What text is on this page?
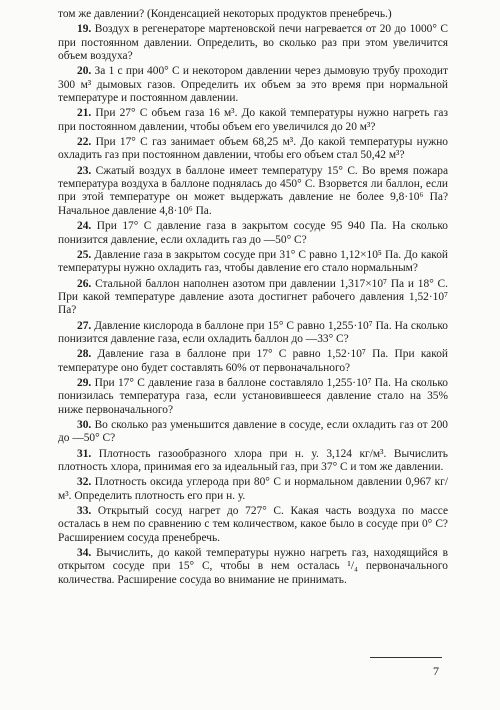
том же давлении? (Конденсацией некоторых продуктов пренебречь.)

19. Воздух в регенераторе мартеновской печи нагревается от 20 до 1000° С при постоянном давлении. Определить, во сколько раз при этом увеличится объем воздуха?

20. За 1 с при 400° С и некотором давлении через дымовую трубу проходит 300 м³ дымовых газов. Определить их объем за это время при нормальной температуре и постоянном давлении.

21. При 27° С объем газа 16 м³. До какой температуры нужно нагреть газ при постоянном давлении, чтобы объем его увеличился до 20 м³?

22. При 17° С газ занимает объем 68,25 м³. До какой температуры нужно охладить газ при постоянном давлении, чтобы его объем стал 50,42 м³?

23. Сжатый воздух в баллоне имеет температуру 15° С. Во время пожара температура воздуха в баллоне поднялась до 450° С. Взорвется ли баллон, если при этой температуре он может выдержать давление не более 9,8·10⁶ Па? Начальное давление 4,8·10⁶ Па.

24. При 17° С давление газа в закрытом сосуде 95 940 Па. На сколько понизится давление, если охладить газ до —50° С?

25. Давление газа в закрытом сосуде при 31° С равно 1,12×10⁵ Па. До какой температуры нужно охладить газ, чтобы давление его стало нормальным?

26. Стальной баллон наполнен азотом при давлении 1,317×10⁷ Па и 18° С. При какой температуре давление азота достигнет рабочего давления 1,52·10⁷ Па?

27. Давление кислорода в баллоне при 15° С равно 1,255·10⁷ Па. На сколько понизится давление газа, если охладить баллон до —33° С?

28. Давление газа в баллоне при 17° С равно 1,52·10⁷ Па. При какой температуре оно будет составлять 60% от первоначального?

29. При 17° С давление газа в баллоне составляло 1,255·10⁷ Па. На сколько понизилась температура газа, если установившееся давление стало на 35% ниже первоначального?

30. Во сколько раз уменьшится давление в сосуде, если охладить газ от 200 до —50° С?

31. Плотность газообразного хлора при н. у. 3,124 кг/м³. Вычислить плотность хлора, принимая его за идеальный газ, при 37° С и том же давлении.

32. Плотность оксида углерода при 80° С и нормальном давлении 0,967 кг/м³. Определить плотность его при н. у.

33. Открытый сосуд нагрет до 727° С. Какая часть воздуха по массе осталась в нем по сравнению с тем количеством, какое было в сосуде при 0° С? Расширением сосуда пренебречь.

34. Вычислить, до какой температуры нужно нагреть газ, находящийся в открытом сосуде при 15° С, чтобы в нем осталась ¹/₄ первоначального количества. Расширение сосуда во внимание не принимать.

7
